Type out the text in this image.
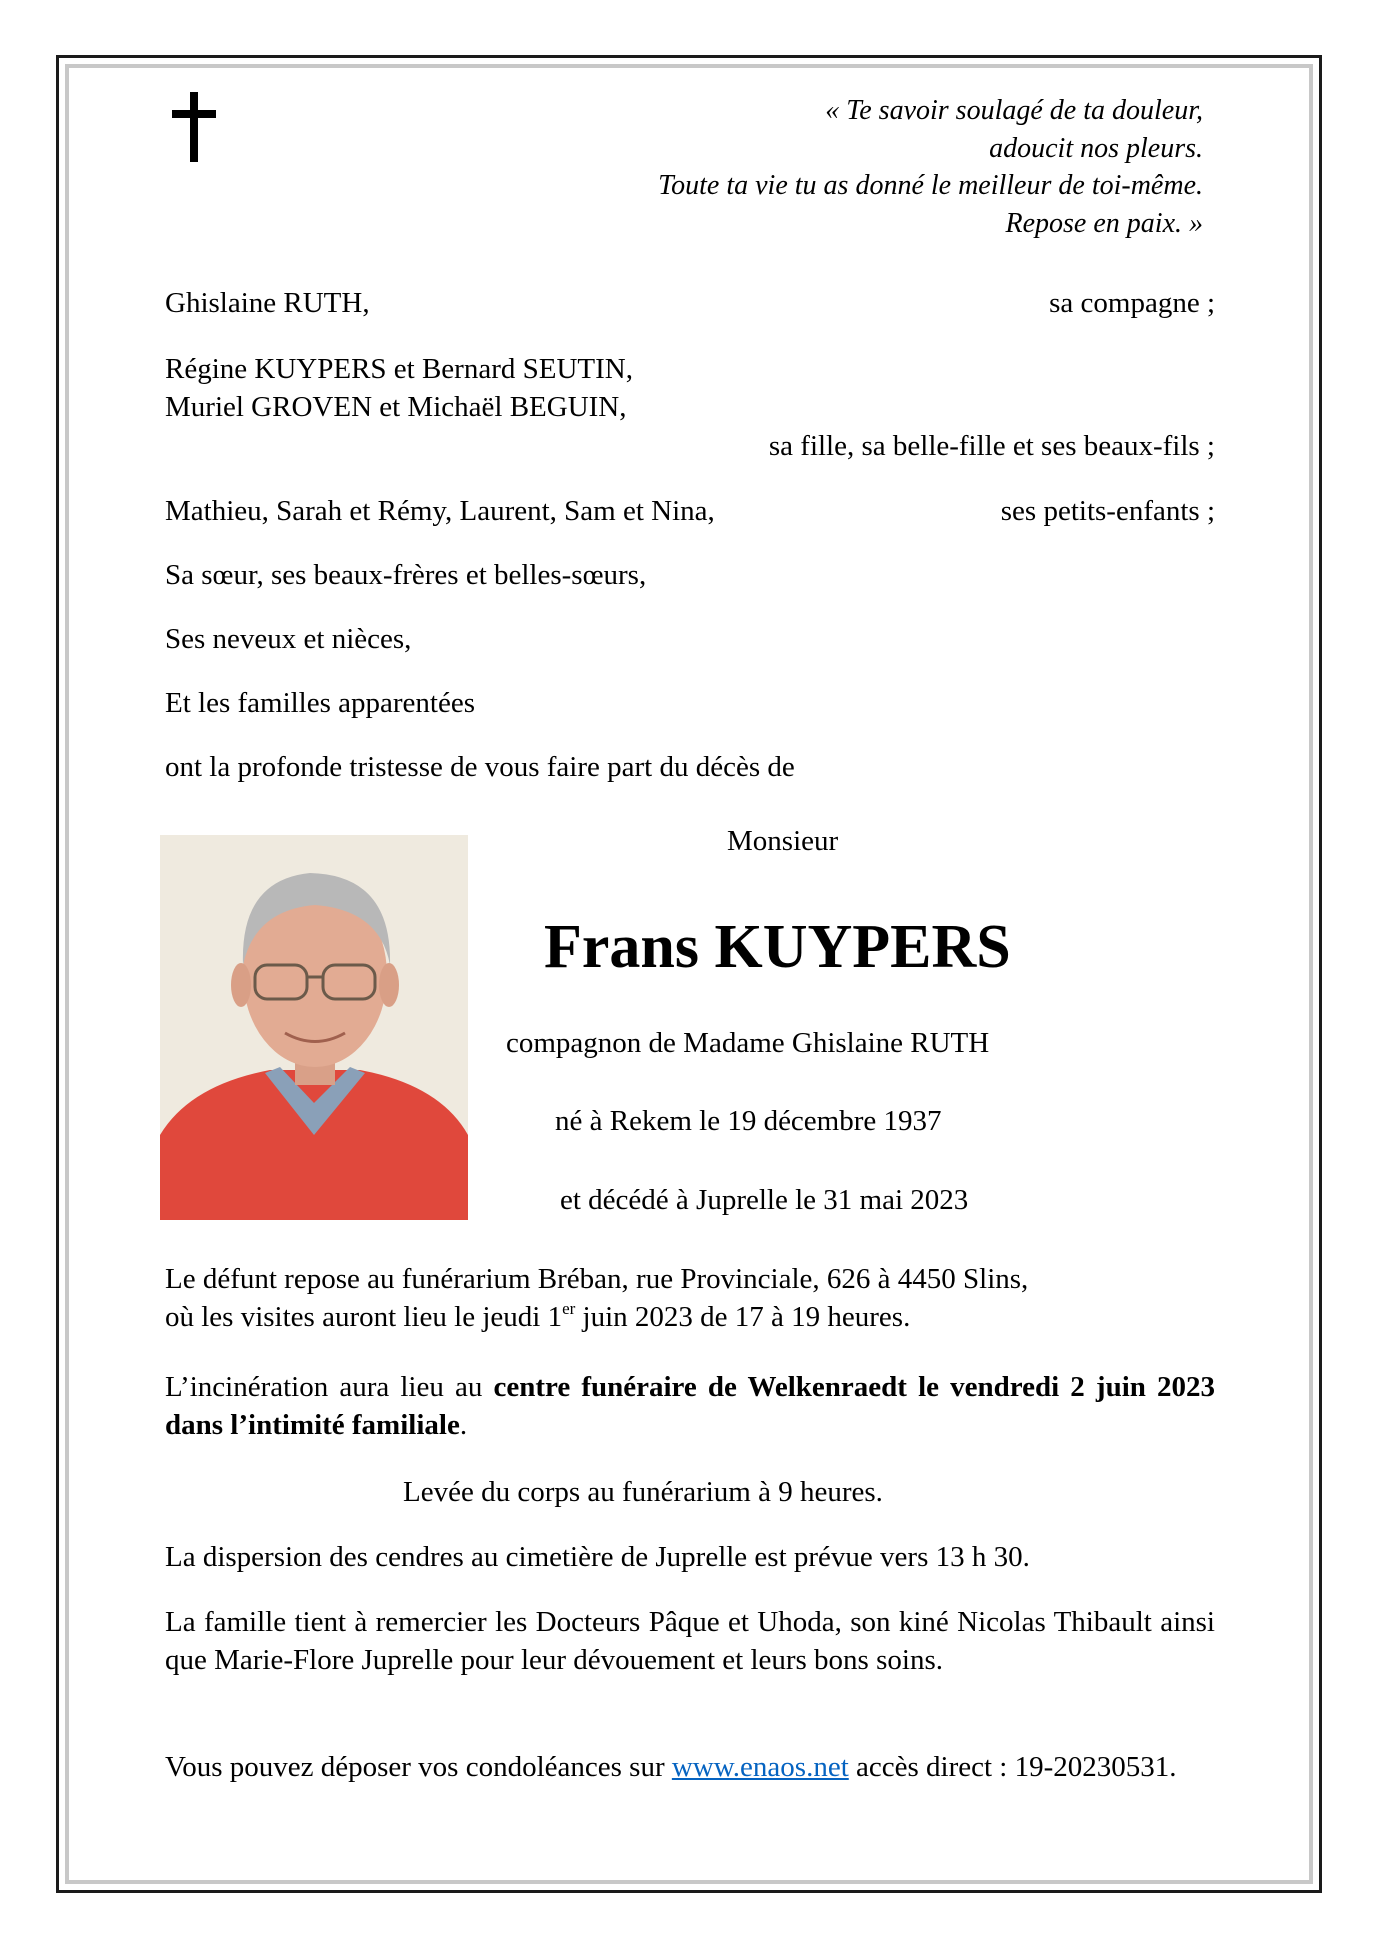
« Te savoir soulagé de ta douleur,
adoucit nos pleurs.
Toute ta vie tu as donné le meilleur de toi-même.
Repose en paix. »
Ghislaine RUTH,	sa compagne ;
Régine KUYPERS et Bernard SEUTIN,
Muriel GROVEN et Michaël BEGUIN,
sa fille, sa belle-fille et ses beaux-fils ;
Mathieu, Sarah et Rémy, Laurent, Sam et Nina,	ses petits-enfants ;
Sa sœur, ses beaux-frères et belles-sœurs,
Ses neveux et nièces,
Et les familles apparentées
ont la profonde tristesse de vous faire part du décès de
Monsieur
Frans KUYPERS
compagnon de Madame Ghislaine RUTH
né à Rekem le 19 décembre 1937
et décédé à Juprelle le 31 mai 2023
Le défunt repose au funérarium Bréban, rue Provinciale, 626 à 4450 Slins,
où les visites auront lieu le jeudi 1er juin 2023 de 17 à 19 heures.
L’incinération aura lieu au centre funéraire de Welkenraedt le vendredi 2 juin 2023 dans l’intimité familiale.
Levée du corps au funérarium à 9 heures.
La dispersion des cendres au cimetière de Juprelle est prévue vers 13 h 30.
La famille tient à remercier les Docteurs Pâque et Uhoda, son kiné Nicolas Thibault ainsi que Marie-Flore Juprelle pour leur dévouement et leurs bons soins.
Vous pouvez déposer vos condoléances sur www.enaos.net accès direct : 19-20230531.
